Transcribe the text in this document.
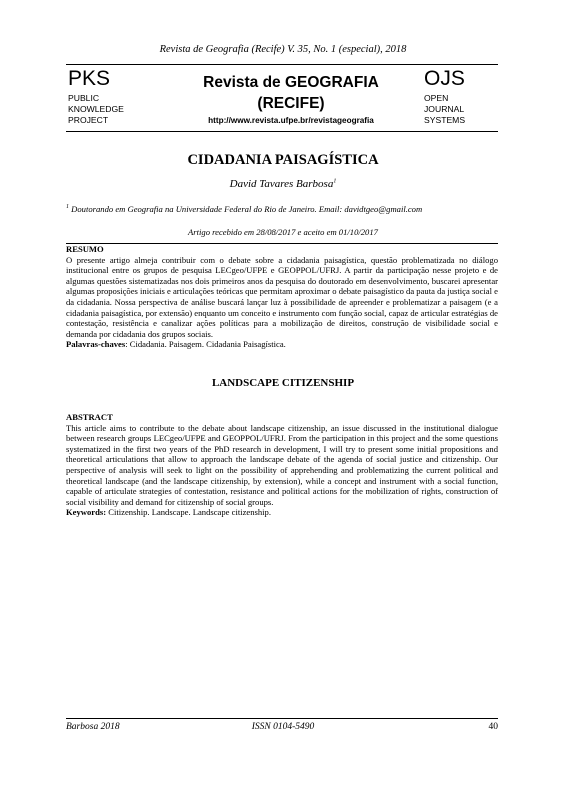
Revista de Geografia (Recife) V. 35, No. 1 (especial), 2018
PKS
PUBLIC
KNOWLEDGE
PROJECT
Revista de GEOGRAFIA
(RECIFE)
http://www.revista.ufpe.br/revistageografia
OJS
OPEN
JOURNAL
SYSTEMS
CIDADANIA PAISAGÍSTICA
David Tavares Barbosa$^1$
$^1$ Doutorando em Geografia na Universidade Federal do Rio de Janeiro. Email: davidtgeo@gmail.com
Artigo recebido em 28/08/2017 e aceito em 01/10/2017
RESUMO
O presente artigo almeja contribuir com o debate sobre a cidadania paisagística, questão problematizada no diálogo institucional entre os grupos de pesquisa LECgeo/UFPE e GEOPPOL/UFRJ. A partir da participação nesse projeto e de algumas questões sistematizadas nos dois primeiros anos da pesquisa do doutorado em desenvolvimento, buscarei apresentar algumas proposições iniciais e articulações teóricas que permitam aproximar o debate paisagístico da pauta da justiça social e da cidadania. Nossa perspectiva de análise buscará lançar luz à possibilidade de apreender e problematizar a paisagem (e a cidadania paisagística, por extensão) enquanto um conceito e instrumento com função social, capaz de articular estratégias de contestação, resistência e canalizar ações políticas para a mobilização de direitos, construção de visibilidade social e demanda por cidadania dos grupos sociais.
Palavras-chaves: Cidadania. Paisagem. Cidadania Paisagística.
LANDSCAPE CITIZENSHIP
ABSTRACT
This article aims to contribute to the debate about landscape citizenship, an issue discussed in the institutional dialogue between research groups LECgeo/UFPE and GEOPPOL/UFRJ. From the participation in this project and the some questions systematized in the first two years of the PhD research in development, I will try to present some initial propositions and theoretical articulations that allow to approach the landscape debate of the agenda of social justice and citizenship. Our perspective of analysis will seek to light on the possibility of apprehending and problematizing the current political and theoretical landscape (and the landscape citizenship, by extension), while a concept and instrument with a social function, capable of articulate strategies of contestation, resistance and political actions for the mobilization of rights, construction of social visibility and demand for citizenship of social groups.
Keywords: Citizenship. Landscape. Landscape citizenship.
Barbosa 2018	ISSN 0104-5490	40
